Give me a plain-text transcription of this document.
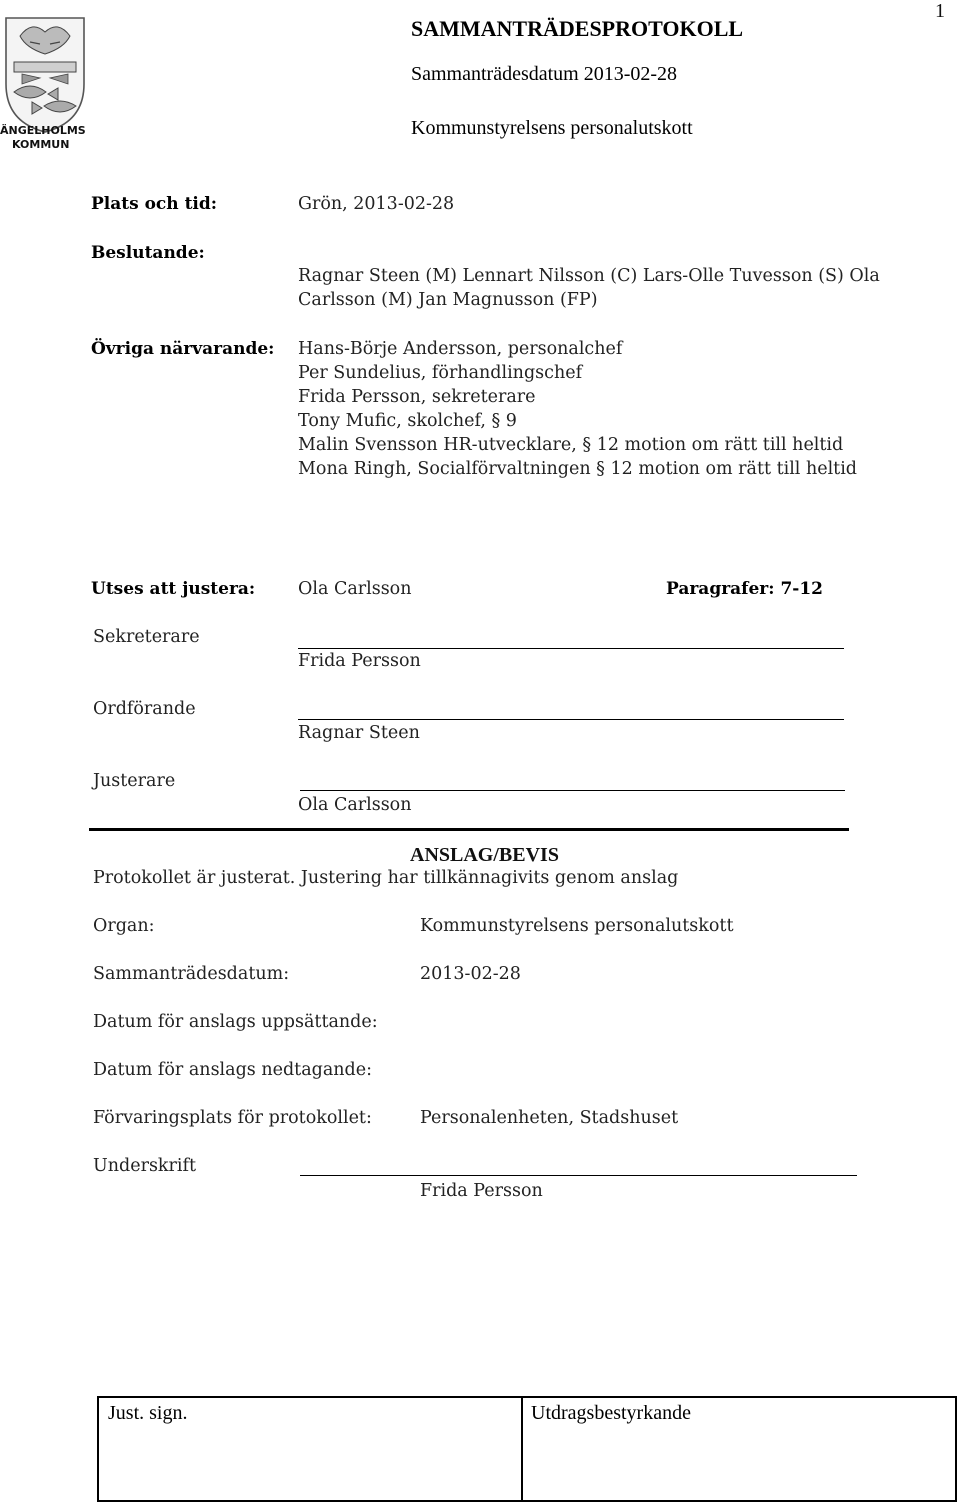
1
ÄNGELHOLMS
KOMMUN
SAMMANTRÄDESPROTOKOLL
Sammanträdesdatum 2013-02-28
Kommunstyrelsens personalutskott
Plats och tid:	Grön, 2013-02-28
Beslutande:
Ragnar Steen (M) Lennart Nilsson (C) Lars-Olle Tuvesson (S) Ola
Carlsson (M) Jan Magnusson (FP)
Övriga närvarande: Hans-Börje Andersson, personalchef
Per Sundelius, förhandlingschef
Frida Persson, sekreterare
Tony Mufic, skolchef, § 9
Malin Svensson HR-utvecklare, § 12 motion om rätt till heltid
Mona Ringh, Socialförvaltningen § 12 motion om rätt till heltid
Utses att justera: Ola Carlsson	Paragrafer: 7-12
Sekreterare
Frida Persson
Ordförande
Ragnar Steen
Justerare
Ola Carlsson
ANSLAG/BEVIS
Protokollet är justerat. Justering har tillkännagivits genom anslag
Organ:	Kommunstyrelsens personalutskott
Sammanträdesdatum:	2013-02-28
Datum för anslags uppsättande:
Datum för anslags nedtagande:
Förvaringsplats för protokollet:	Personalenheten, Stadshuset
Underskrift
Frida Persson
Just. sign.	Utdragsbestyrkande
